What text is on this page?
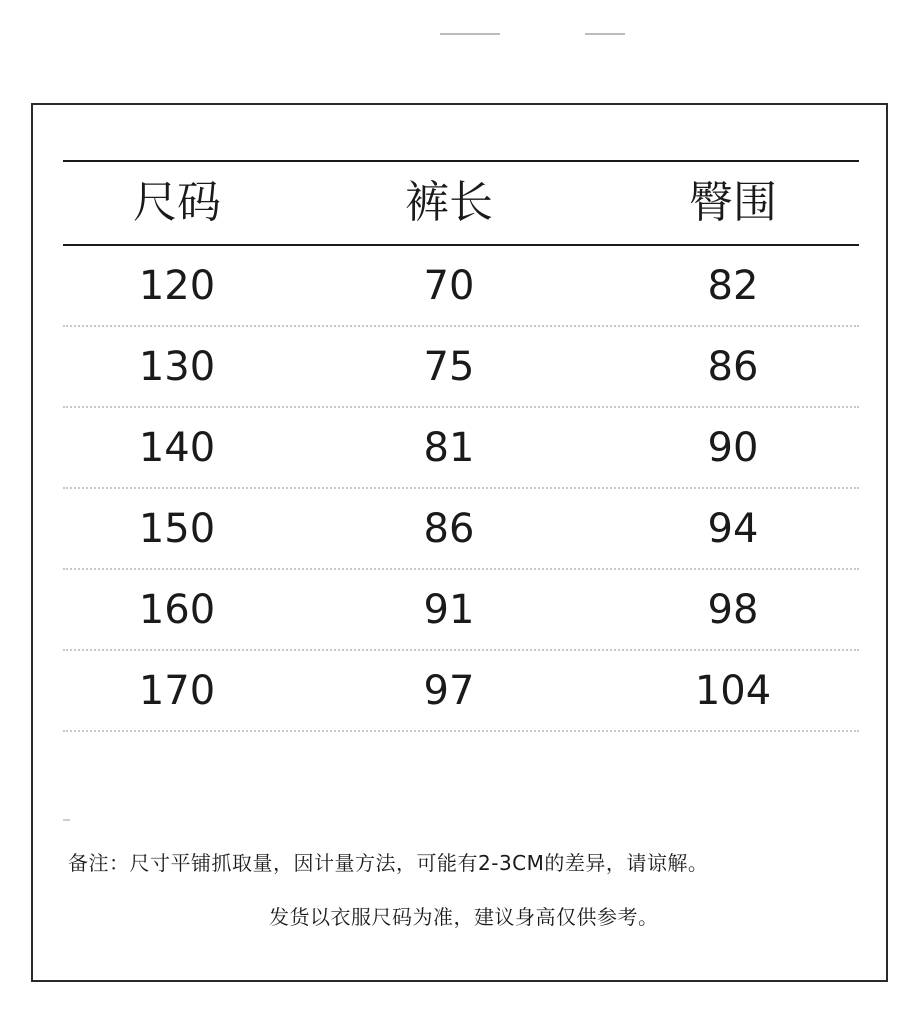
尺码	裤长	臀围
120	70	82
130	75	86
140	81	90
150	86	94
160	91	98
170	97	104
备注：尺寸平铺抓取量，因计量方法，可能有2-3CM的差异，请谅解。
发货以衣服尺码为准，建议身高仅供参考。
